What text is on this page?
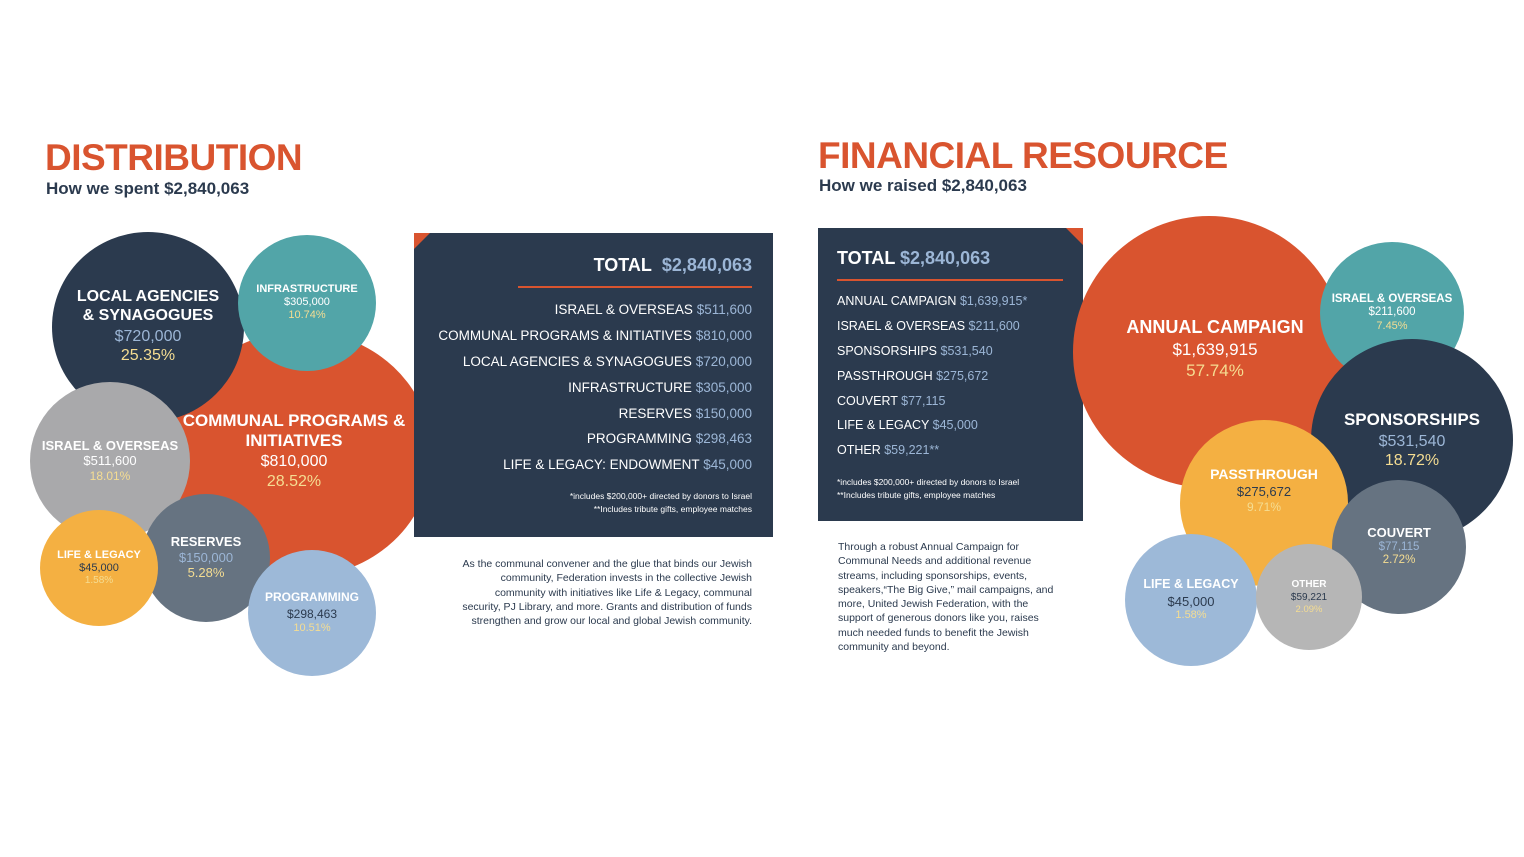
DISTRIBUTION
How we spent $2,840,063
COMMUNAL PROGRAMS & INITIATIVES
$810,000
28.52%
LOCAL AGENCIES & SYNAGOGUES
$720,000
25.35%
INFRASTRUCTURE
$305,000
10.74%
ISRAEL & OVERSEAS
$511,600
18.01%
RESERVES
$150,000
5.28%
LIFE & LEGACY
$45,000
1.58%
PROGRAMMING
$298,463
10.51%
TOTAL $2,840,063
ISRAEL & OVERSEAS $511,600
COMMUNAL PROGRAMS & INITIATIVES $810,000
LOCAL AGENCIES & SYNAGOGUES $720,000
INFRASTRUCTURE $305,000
RESERVES $150,000
PROGRAMMING $298,463
LIFE & LEGACY: ENDOWMENT $45,000
*includes $200,000+ directed by donors to Israel
**Includes tribute gifts, employee matches
As the communal convener and the glue that binds our Jewish community, Federation invests in the collective Jewish community with initiatives like Life & Legacy, communal security, PJ Library, and more. Grants and distribution of funds strengthen and grow our local and global Jewish community.
FINANCIAL RESOURCE
How we raised $2,840,063
TOTAL $2,840,063
ANNUAL CAMPAIGN $1,639,915*
ISRAEL & OVERSEAS $211,600
SPONSORSHIPS $531,540
PASSTHROUGH $275,672
COUVERT $77,115
LIFE & LEGACY $45,000
OTHER $59,221**
*includes $200,000+ directed by donors to Israel
**Includes tribute gifts, employee matches
Through a robust Annual Campaign for Communal Needs and additional revenue streams, including sponsorships, events, speakers,“The Big Give,” mail campaigns, and more, United Jewish Federation, with the support of generous donors like you, raises much needed funds to benefit the Jewish community and beyond.
ANNUAL CAMPAIGN
$1,639,915
57.74%
ISRAEL & OVERSEAS
$211,600
7.45%
SPONSORSHIPS
$531,540
18.72%
PASSTHROUGH
$275,672
9.71%
COUVERT
$77,115
2.72%
LIFE & LEGACY
$45,000
1.58%
OTHER
$59,221
2.09%
